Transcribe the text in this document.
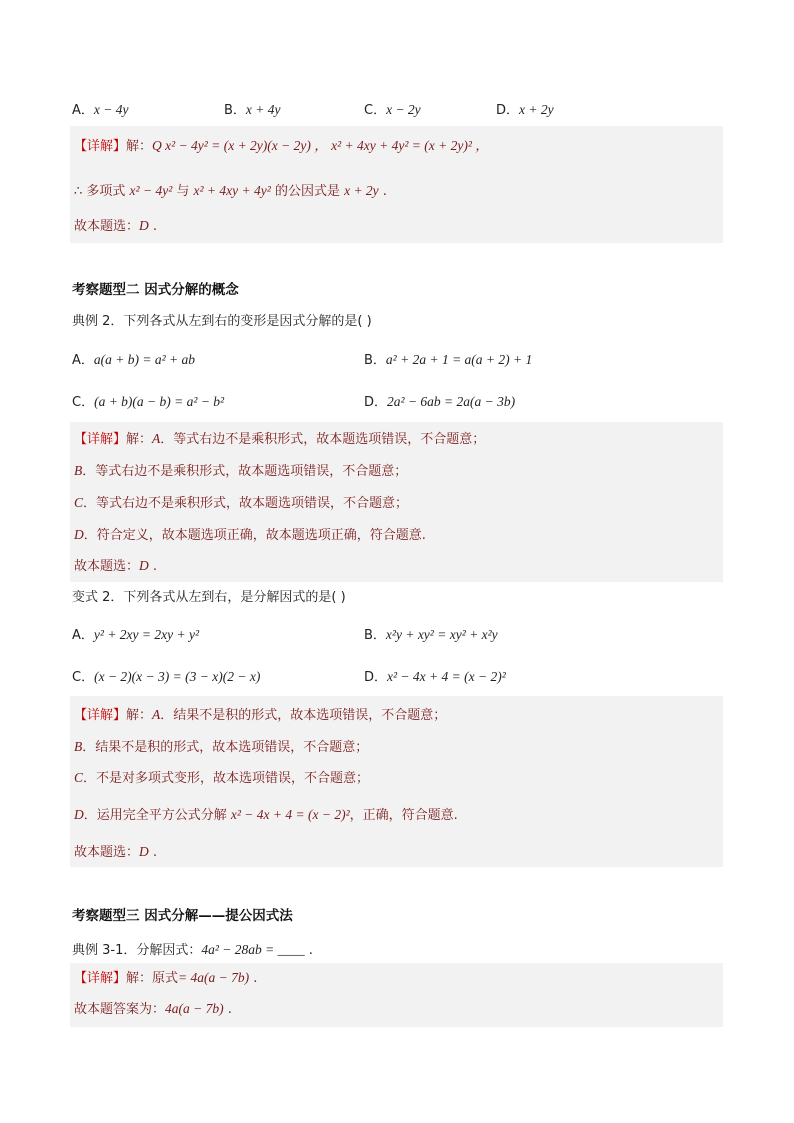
A．x − 4y	B．x + 4y	C．x − 2y	D．x + 2y
【详解】解：Q x² − 4y² = (x + 2y)(x − 2y) ， x² + 4xy + 4y² = (x + 2y)² ，
∴ 多项式 x² − 4y² 与 x² + 4xy + 4y² 的公因式是 x + 2y .
故本题选：D .
考察题型二 因式分解的概念
典例 2．下列各式从左到右的变形是因式分解的是( )
A．a(a + b) = a² + ab	B．a² + 2a + 1 = a(a + 2) + 1
C．(a + b)(a − b) = a² − b²	D．2a² − 6ab = 2a(a − 3b)
【详解】解：A．等式右边不是乘积形式，故本题选项错误，不合题意；
B．等式右边不是乘积形式，故本题选项错误，不合题意；
C．等式右边不是乘积形式，故本题选项错误，不合题意；
D．符合定义，故本题选项正确，故本题选项正确，符合题意.
故本题选：D .
变式 2．下列各式从左到右，是分解因式的是( )
A．y² + 2xy = 2xy + y²	B．x²y + xy² = xy² + x²y
C．(x − 2)(x − 3) = (3 − x)(2 − x)	D．x² − 4x + 4 = (x − 2)²
【详解】解：A．结果不是积的形式，故本选项错误，不合题意；
B．结果不是积的形式，故本选项错误，不合题意；
C．不是对多项式变形，故本选项错误，不合题意；
D．运用完全平方公式分解 x² − 4x + 4 = (x − 2)²，正确，符合题意.
故本题选：D .
考察题型三 因式分解——提公因式法
典例 3-1．分解因式：4a² − 28ab = ____ .
【详解】解：原式= 4a(a − 7b) .
故本题答案为：4a(a − 7b) .
